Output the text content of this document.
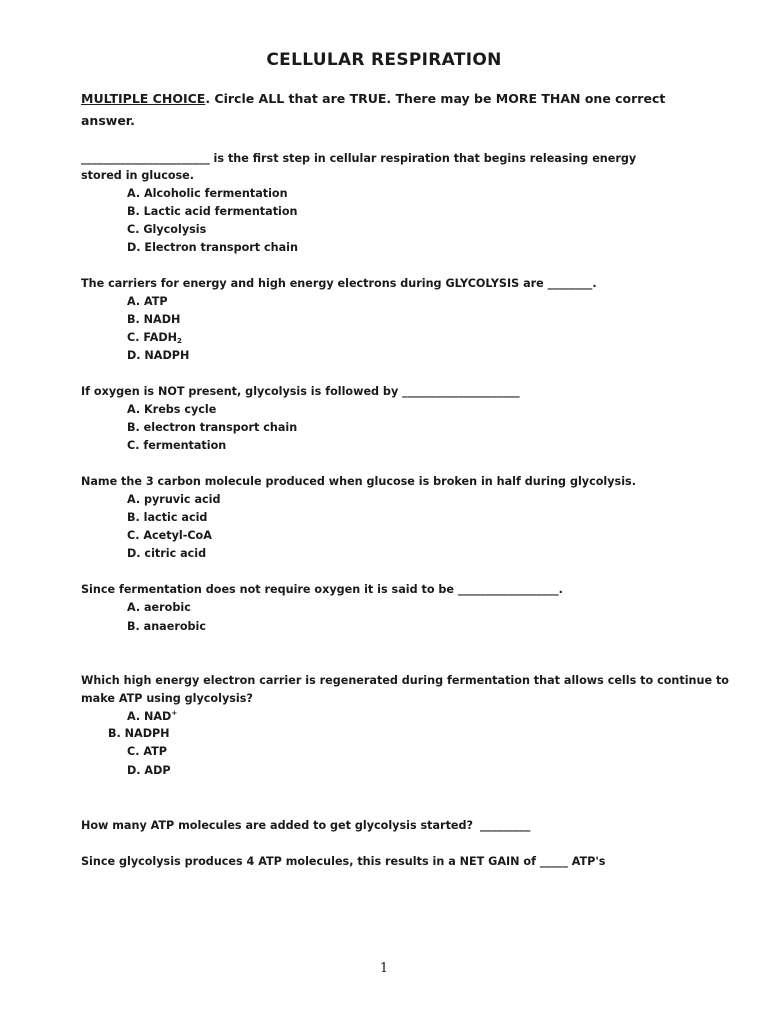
CELLULAR RESPIRATION
MULTIPLE CHOICE. Circle ALL that are TRUE. There may be MORE THAN one correct
answer.
_______________________ is the first step in cellular respiration that begins releasing energy
stored in glucose.
A. Alcoholic fermentation
B. Lactic acid fermentation
C. Glycolysis
D. Electron transport chain
The carriers for energy and high energy electrons during GLYCOLYSIS are ________.
A. ATP
B. NADH
C. $FADH_2$
D. NADPH
If oxygen is NOT present, glycolysis is followed by _____________________
A. Krebs cycle
B. electron transport chain
C. fermentation
Name the 3 carbon molecule produced when glucose is broken in half during glycolysis.
A. pyruvic acid
B. lactic acid
C. Acetyl-CoA
D. citric acid
Since fermentation does not require oxygen it is said to be __________________.
A. aerobic
B. anaerobic
Which high energy electron carrier is regenerated during fermentation that allows cells to continue to
make ATP using glycolysis?
A. NAD+
B. NADPH
C. ATP
D. ADP
How many ATP molecules are added to get glycolysis started? _________
Since glycolysis produces 4 ATP molecules, this results in a NET GAIN of _____ ATP's
1
